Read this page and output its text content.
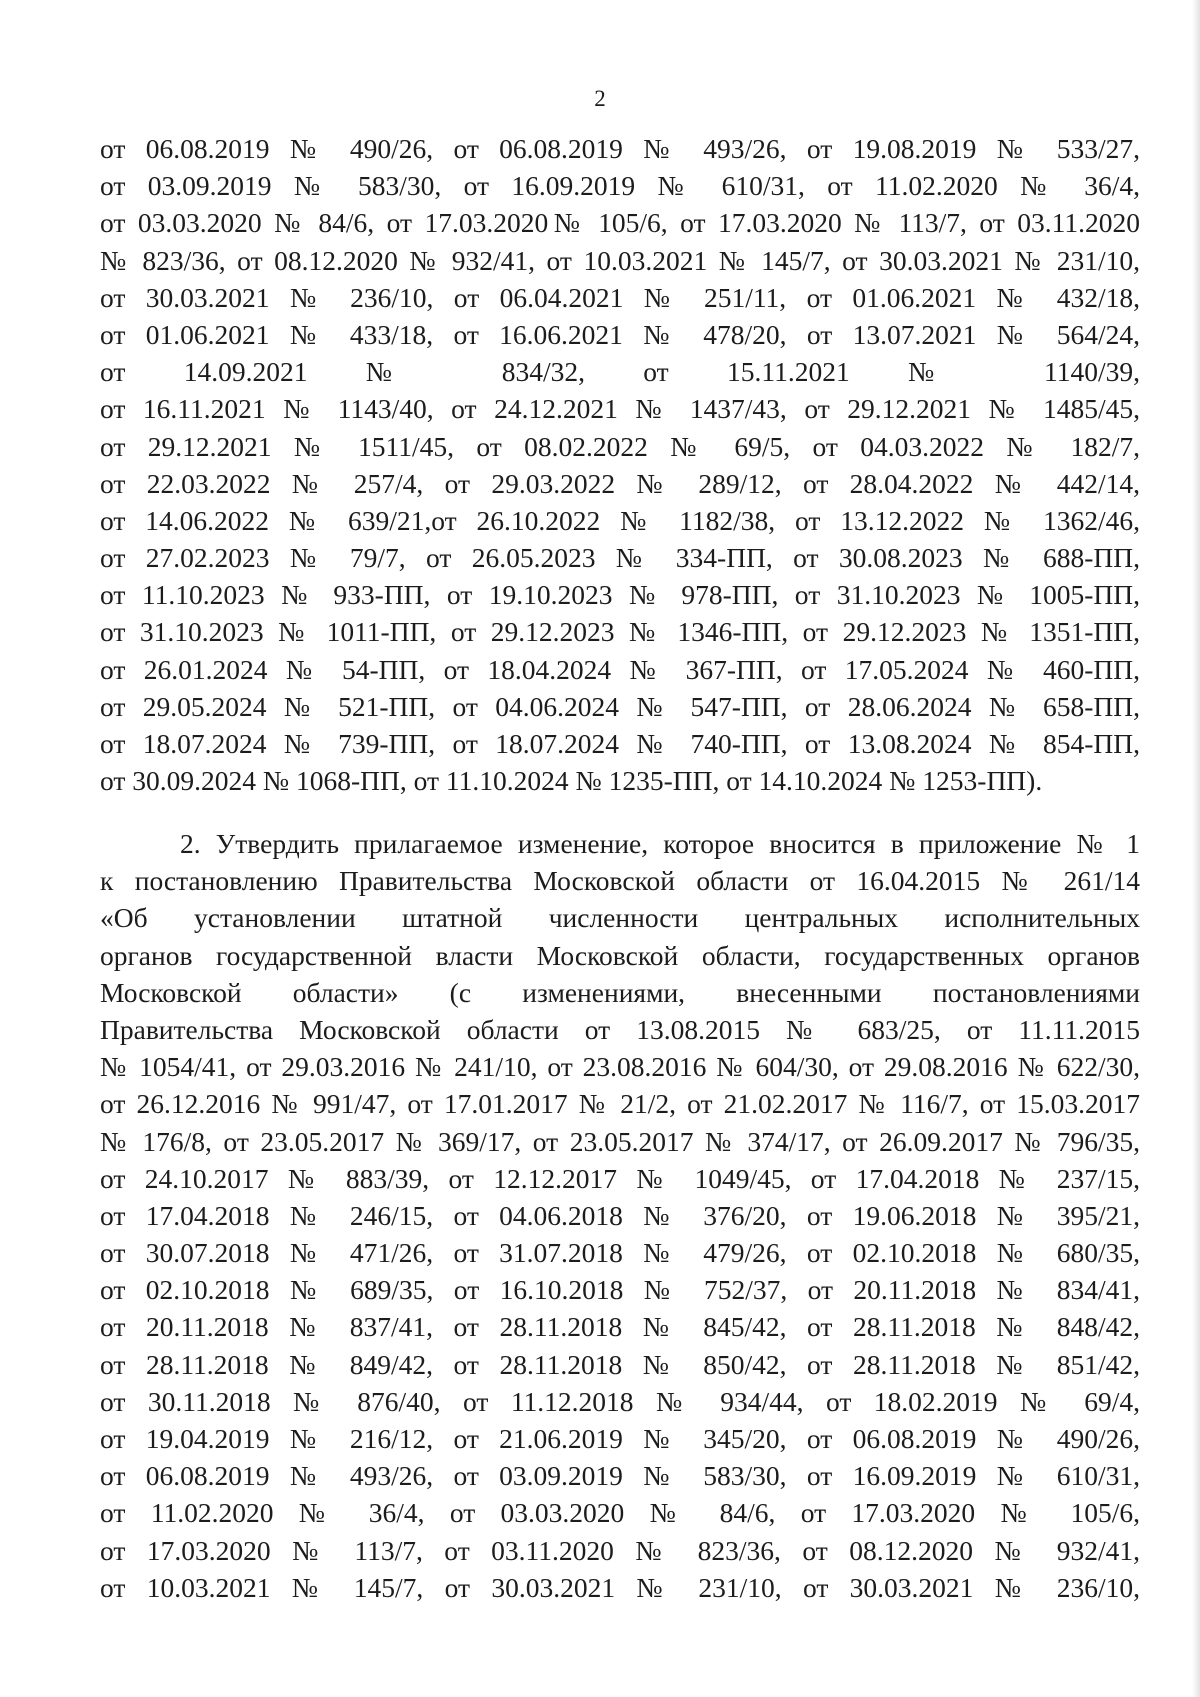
2
от 06.08.2019 № 490/26, от 06.08.2019 № 493/26, от 19.08.2019 № 533/27,
от 03.09.2019 № 583/30, от 16.09.2019 № 610/31, от 11.02.2020 № 36/4,
от 03.03.2020 № 84/6, от 17.03.2020№ 105/6, от 17.03.2020 № 113/7, от 03.11.2020
№ 823/36, от 08.12.2020 № 932/41, от 10.03.2021 № 145/7, от 30.03.2021 № 231/10,
от 30.03.2021 № 236/10, от 06.04.2021 № 251/11, от 01.06.2021 № 432/18,
от 01.06.2021 № 433/18, от 16.06.2021 № 478/20, от 13.07.2021 № 564/24,
от 14.09.2021 № 834/32, от 15.11.2021 № 1140/39,
от 16.11.2021 № 1143/40, от 24.12.2021 № 1437/43, от 29.12.2021 № 1485/45,
от 29.12.2021 № 1511/45, от 08.02.2022 № 69/5, от 04.03.2022 № 182/7,
от 22.03.2022 № 257/4, от 29.03.2022 № 289/12, от 28.04.2022 № 442/14,
от 14.06.2022 № 639/21,от 26.10.2022 № 1182/38, от 13.12.2022 № 1362/46,
от 27.02.2023 № 79/7, от 26.05.2023 № 334-ПП, от 30.08.2023 № 688-ПП,
от 11.10.2023 № 933-ПП, от 19.10.2023 № 978-ПП, от 31.10.2023 № 1005-ПП,
от 31.10.2023 № 1011-ПП, от 29.12.2023 № 1346-ПП, от 29.12.2023 № 1351-ПП,
от 26.01.2024 № 54-ПП, от 18.04.2024 № 367-ПП, от 17.05.2024 № 460-ПП,
от 29.05.2024 № 521-ПП, от 04.06.2024 № 547-ПП, от 28.06.2024 № 658-ПП,
от 18.07.2024 № 739-ПП, от 18.07.2024 № 740-ПП, от 13.08.2024 № 854-ПП,
от 30.09.2024 № 1068-ПП, от 11.10.2024 № 1235-ПП, от 14.10.2024 № 1253-ПП).
2. Утвердить прилагаемое изменение, которое вносится в приложение № 1
к постановлению Правительства Московской области от 16.04.2015 № 261/14
«Об установлении штатной численности центральных исполнительных
органов государственной власти Московской области, государственных органов
Московской области» (с изменениями, внесенными постановлениями
Правительства Московской области от 13.08.2015 № 683/25, от 11.11.2015
№ 1054/41, от 29.03.2016 № 241/10, от 23.08.2016 № 604/30, от 29.08.2016 № 622/30,
от 26.12.2016 № 991/47, от 17.01.2017 № 21/2, от 21.02.2017 № 116/7, от 15.03.2017
№ 176/8, от 23.05.2017 № 369/17, от 23.05.2017 № 374/17, от 26.09.2017 № 796/35,
от 24.10.2017 № 883/39, от 12.12.2017 № 1049/45, от 17.04.2018 № 237/15,
от 17.04.2018 № 246/15, от 04.06.2018 № 376/20, от 19.06.2018 № 395/21,
от 30.07.2018 № 471/26, от 31.07.2018 № 479/26, от 02.10.2018 № 680/35,
от 02.10.2018 № 689/35, от 16.10.2018 № 752/37, от 20.11.2018 № 834/41,
от 20.11.2018 № 837/41, от 28.11.2018 № 845/42, от 28.11.2018 № 848/42,
от 28.11.2018 № 849/42, от 28.11.2018 № 850/42, от 28.11.2018 № 851/42,
от 30.11.2018 № 876/40, от 11.12.2018 № 934/44, от 18.02.2019 № 69/4,
от 19.04.2019 № 216/12, от 21.06.2019 № 345/20, от 06.08.2019 № 490/26,
от 06.08.2019 № 493/26, от 03.09.2019 № 583/30, от 16.09.2019 № 610/31,
от 11.02.2020 № 36/4, от 03.03.2020 № 84/6, от 17.03.2020 № 105/6,
от 17.03.2020 № 113/7, от 03.11.2020 № 823/36, от 08.12.2020 № 932/41,
от 10.03.2021 № 145/7, от 30.03.2021 № 231/10, от 30.03.2021 № 236/10,
